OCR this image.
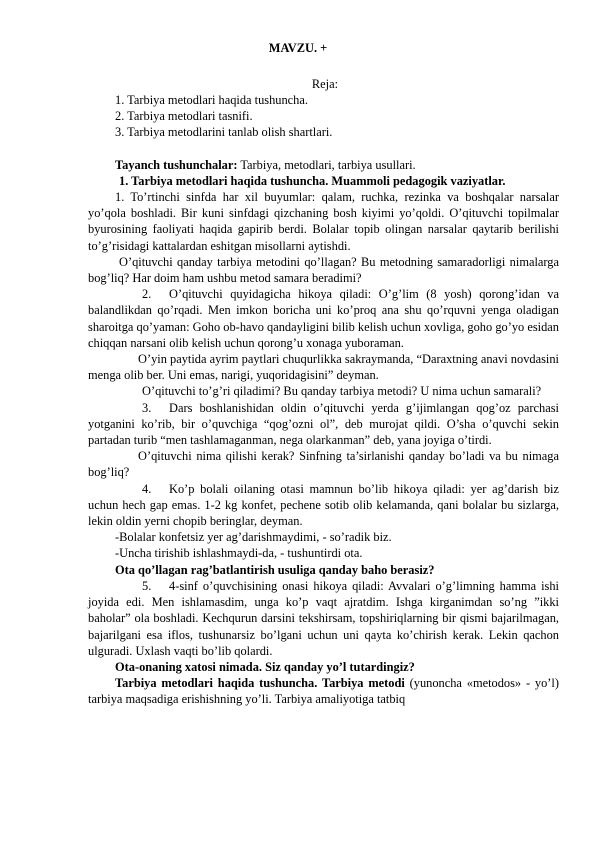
MAVZU. +
Reja:
1. Tarbiya metodlari haqida tushuncha.
2. Tarbiya metodlari tasnifi.
3. Tarbiya metodlarini tanlab olish shartlari.

Tayanch tushunchalar: Tarbiya, metodlari, tarbiya usullari.

1. Tarbiya metodlari haqida tushuncha. Muammoli pedagogik vaziyatlar.

1. To’rtinchi sinfda har xil buyumlar: qalam, ruchka, rezinka va boshqalar narsalar yo’qola boshladi. Bir kuni sinfdagi qizchaning bosh kiyimi yo’qoldi. O’qituvchi topilmalar byurosining faoliyati haqida gapirib berdi. Bolalar topib olingan narsalar qaytarib berilishi to’g’risidagi kattalardan eshitgan misollarni aytishdi.

O’qituvchi qanday tarbiya metodini qo’llagan? Bu metodning samaradorligi nimalarga bog’liq? Har doim ham ushbu metod samara beradimi?

2. O’qituvchi quyidagicha hikoya qiladi: O’g’lim (8 yosh) qorong’idan va balandlikdan qo’rqadi. Men imkon boricha uni ko’proq ana shu qo’rquvni yenga oladigan sharoitga qo’yaman: Goho ob-havo qandayligini bilib kelish uchun xovliga, goho go’yo esidan chiqqan narsani olib kelish uchun qorong’u xonaga yuboraman.

O’yin paytida ayrim paytlari chuqurlikka sakraymanda, “Daraxtning anavi novdasini menga olib ber. Uni emas, narigi, yuqoridagisini” deyman.

O’qituvchi to’g’ri qiladimi? Bu qanday tarbiya metodi? U nima uchun samarali?

3. Dars boshlanishidan oldin o’qituvchi yerda g’ijimlangan qog’oz parchasi yotganini ko’rib, bir o’quvchiga “qog’ozni ol”, deb murojat qildi. O’sha o’quvchi sekin partadan turib “men tashlamaganman, nega olarkanman” deb, yana joyiga o’tirdi.

O’qituvchi nima qilishi kerak? Sinfning ta’sirlanishi qanday bo’ladi va bu nimaga bog’liq?

4. Ko’p bolali oilaning otasi mamnun bo’lib hikoya qiladi: yer ag’darish biz uchun hech gap emas. 1-2 kg konfet, pechene sotib olib kelamanda, qani bolalar bu sizlarga, lekin oldin yerni chopib beringlar, deyman.

-Bolalar konfetsiz yer ag’darishmaydimi, - so’radik biz.

-Uncha tirishib ishlashmaydi-da, - tushuntirdi ota.

Ota qo’llagan rag’batlantirish usuliga qanday baho berasiz?

5. 4-sinf o’quvchisining onasi hikoya qiladi: Avvalari o’g’limning hamma ishi joyida edi. Men ishlamasdim, unga ko’p vaqt ajratdim. Ishga kirganimdan so’ng ”ikki baholar” ola boshladi. Kechqurun darsini tekshirsam, topshiriqlarning bir qismi bajarilmagan, bajarilgani esa iflos, tushunarsiz bo’lgani uchun uni qayta ko’chirish kerak. Lekin qachon ulguradi. Uxlash vaqti bo’lib qolardi.

Ota-onaning xatosi nimada. Siz qanday yo’l tutardingiz?

Tarbiya metodlari haqida tushuncha. Tarbiya metodi (yunoncha «metodos» - yo’l) tarbiya maqsadiga erishishning yo’li. Tarbiya amaliyotiga tatbiq
